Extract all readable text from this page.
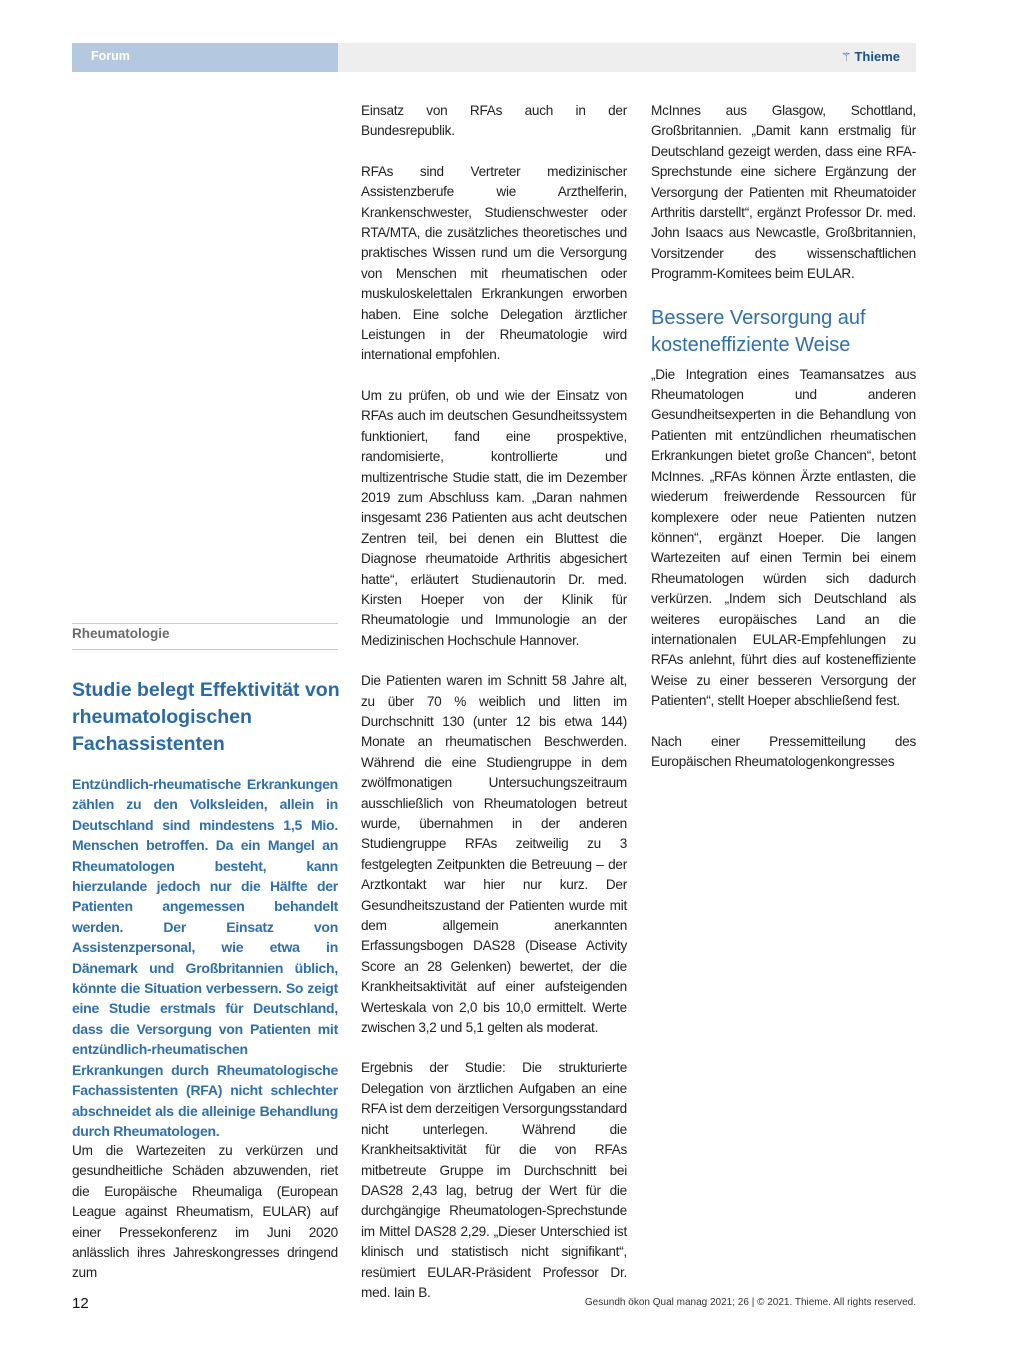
Forum	⚚ Thieme
Rheumatologie
Studie belegt Effektivität von rheumatologischen Fachassistenten

Entzündlich-rheumatische Erkrankungen zählen zu den Volksleiden, allein in Deutschland sind mindestens 1,5 Mio. Menschen betroffen. Da ein Mangel an Rheumatologen besteht, kann hierzulande jedoch nur die Hälfte der Patienten angemessen behandelt werden. Der Einsatz von Assistenzpersonal, wie etwa in Dänemark und Großbritannien üblich, könnte die Situation verbessern. So zeigt eine Studie erstmals für Deutschland, dass die Versorgung von Patienten mit entzündlich-rheumatischen Erkrankungen durch Rheumatologische Fachassistenten (RFA) nicht schlechter abschneidet als die alleinige Behandlung durch Rheumatologen.

Um die Wartezeiten zu verkürzen und gesundheitliche Schäden abzuwenden, riet die Europäische Rheumaliga (European League against Rheumatism, EULAR) auf einer Pressekonferenz im Juni 2020 anlässlich ihres Jahreskongresses dringend zum

Einsatz von RFAs auch in der Bundesrepublik.

RFAs sind Vertreter medizinischer Assistenzberufe wie Arzthelferin, Krankenschwester, Studienschwester oder RTA/MTA, die zusätzliches theoretisches und praktisches Wissen rund um die Versorgung von Menschen mit rheumatischen oder muskuloskelettalen Erkrankungen erworben haben. Eine solche Delegation ärztlicher Leistungen in der Rheumatologie wird international empfohlen.

Um zu prüfen, ob und wie der Einsatz von RFAs auch im deutschen Gesundheitssystem funktioniert, fand eine prospektive, randomisierte, kontrollierte und multizentrische Studie statt, die im Dezember 2019 zum Abschluss kam. „Daran nahmen insgesamt 236 Patienten aus acht deutschen Zentren teil, bei denen ein Bluttest die Diagnose rheumatoide Arthritis abgesichert hatte“, erläutert Studienautorin Dr. med. Kirsten Hoeper von der Klinik für Rheumatologie und Immunologie an der Medizinischen Hochschule Hannover.

Die Patienten waren im Schnitt 58 Jahre alt, zu über 70 % weiblich und litten im Durchschnitt 130 (unter 12 bis etwa 144) Monate an rheumatischen Beschwerden. Während die eine Studiengruppe in dem zwölfmonatigen Untersuchungszeitraum ausschließlich von Rheumatologen betreut wurde, übernahmen in der anderen Studiengruppe RFAs zeitweilig zu 3 festgelegten Zeitpunkten die Betreuung – der Arztkontakt war hier nur kurz. Der Gesundheitszustand der Patienten wurde mit dem allgemein anerkannten Erfassungsbogen DAS28 (Disease Activity Score an 28 Gelenken) bewertet, der die Krankheitsaktivität auf einer aufsteigenden Werteskala von 2,0 bis 10,0 ermittelt. Werte zwischen 3,2 und 5,1 gelten als moderat.

Ergebnis der Studie: Die strukturierte Delegation von ärztlichen Aufgaben an eine RFA ist dem derzeitigen Versorgungsstandard nicht unterlegen. Während die Krankheitsaktivität für die von RFAs mitbetreute Gruppe im Durchschnitt bei DAS28 2,43 lag, betrug der Wert für die durchgängige Rheumatologen-Sprechstunde im Mittel DAS28 2,29. „Dieser Unterschied ist klinisch und statistisch nicht signifikant“, resümiert EULAR-Präsident Professor Dr. med. Iain B.

McInnes aus Glasgow, Schottland, Großbritannien. „Damit kann erstmalig für Deutschland gezeigt werden, dass eine RFA-Sprechstunde eine sichere Ergänzung der Versorgung der Patienten mit Rheumatoider Arthritis darstellt“, ergänzt Professor Dr. med. John Isaacs aus Newcastle, Großbritannien, Vorsitzender des wissenschaftlichen Programm-Komitees beim EULAR.

Bessere Versorgung auf kosteneffiziente Weise

„Die Integration eines Teamansatzes aus Rheumatologen und anderen Gesundheitsexperten in die Behandlung von Patienten mit entzündlichen rheumatischen Erkrankungen bietet große Chancen“, betont McInnes. „RFAs können Ärzte entlasten, die wiederum freiwerdende Ressourcen für komplexere oder neue Patienten nutzen können“, ergänzt Hoeper. Die langen Wartezeiten auf einen Termin bei einem Rheumatologen würden sich dadurch verkürzen. „Indem sich Deutschland als weiteres europäisches Land an die internationalen EULAR-Empfehlungen zu RFAs anlehnt, führt dies auf kosteneffiziente Weise zu einer besseren Versorgung der Patienten“, stellt Hoeper abschließend fest.

Nach einer Pressemitteilung des Europäischen Rheumatologenkongresses

12	Gesundh ökon Qual manag 2021; 26 | © 2021. Thieme. All rights reserved.
